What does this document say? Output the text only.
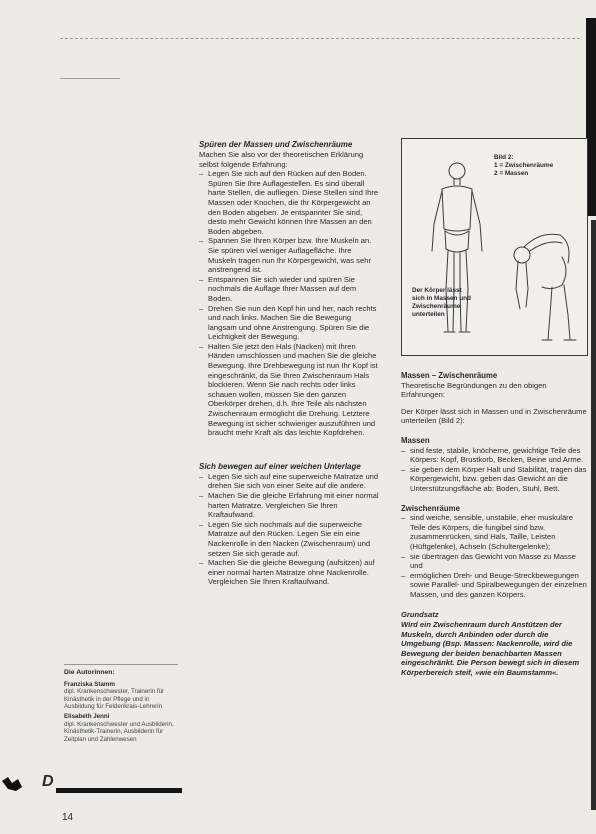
Spüren der Massen und Zwischenräume

Machen Sie also vor der theoretischen Erklärung selbst folgende Erfahrung:

– Legen Sie sich auf den Rücken auf den Boden. Spüren Sie Ihre Auflagestellen. Es sind überall harte Stellen, die aufliegen. Diese Stellen sind Ihre Massen oder Knochen, die Ihr Körpergewicht an den Boden abgeben. Je entspannter Sie sind, desto mehr Gewicht können Ihre Massen an den Boden abgeben.
– Spannen Sie Ihren Körper bzw. Ihre Muskeln an. Sie spüren viel weniger Auflagefläche. Ihre Muskeln tragen nun Ihr Körpergewicht, was sehr anstrengend ist.
– Entspannen Sie sich wieder und spüren Sie nochmals die Auflage Ihrer Massen auf dem Boden.
– Drehen Sie nun den Kopf hin und her, nach rechts und nach links. Machen Sie die Bewegung langsam und ohne Anstrengung. Spüren Sie die Leichtigkeit der Bewegung.
– Halten Sie jetzt den Hals (Nacken) mit Ihren Händen umschlossen und machen Sie die gleiche Bewegung. Ihre Drehbewegung ist nun Ihr Kopf ist eingeschränkt, da Sie Ihren Zwischenraum Hals blockieren. Wenn Sie nach rechts oder links schauen wollen, müssen Sie den ganzen Oberkörper drehen, d.h. Ihre Teile als nächsten Zwischenraum ermöglicht die Drehung. Letztere Bewegung ist sicher schwieriger auszuführen und braucht mehr Kraft als das leichte Kopfdrehen.

Sich bewegen auf einer weichen Unterlage

– Legen Sie sich auf eine superweiche Matratze und drehen Sie sich von einer Seite auf die andere.
– Machen Sie die gleiche Erfahrung mit einer normal harten Matratze. Vergleichen Sie Ihren Kraftaufwand.
– Legen Sie sich nochmals auf die superweiche Matratze auf den Rücken. Legen Sie ein eine Nackenrolle in den Nacken (Zwischenraum) und setzen Sie sich gerade auf.
– Machen Sie die gleiche Bewegung (aufsitzen) auf einer normal harten Matratze ohne Nackenrolle. Vergleichen Sie Ihren Kraftaufwand.
Bild 2:
1 = Zwischenräume
2 = Massen
Der Körper lässt
sich in Massen und
Zwischenräume
unterteilen

Massen – Zwischenräume

Theoretische Begründungen zu den obigen Erfahrungen:

Der Körper lässt sich in Massen und in Zwischenräume unterteilen (Bild 2):

Massen

– sind feste, stabile, knöcherne, gewichtige Teile des Körpers: Kopf, Brustkorb, Becken, Beine und Arme.
– sie geben dem Körper Halt und Stabilität, tragen das Körpergewicht, bzw. geben das Gewicht an die Unterstützungsfläche ab: Boden, Stuhl, Bett.

Zwischenräume

– sind weiche, sensible, unstabile, eher muskuläre Teile des Körpers, die fungibel sind bzw. zusammenrücken, sind Hals, Taille, Leisten (Hüftgelenke), Achseln (Schultergelenke);
– sie übertragen das Gewicht von Masse zu Masse und
– ermöglichen Dreh- und Beuge-Streckbewegungen sowie Parallel- und Spiralbewegungen der einzelnen Massen, und des ganzen Körpers.

Grundsatz

Wird ein Zwischenraum durch Anstützen der Muskeln, durch Anbinden oder durch die Umgebung (Bsp. Massen: Nackenrolle, wird die Bewegung der beiden benachbarten Massen eingeschränkt. Die Person bewegt sich in diesem Körperbereich steif, »wie ein Baumstamm«.

Die Autorinnen:
Franziska Stamm
dipl. Krankenschwester, Trainerin für Kinästhetik in der Pflege und in Ausbildung für Feldenkrais-Lehrerin
Elisabeth Jenni
dipl. Krankenschwester und Ausbilderin, Kinästhetik-Trainerin, Ausbilderin für Zeitplan und Zahlenwesen
D
14
